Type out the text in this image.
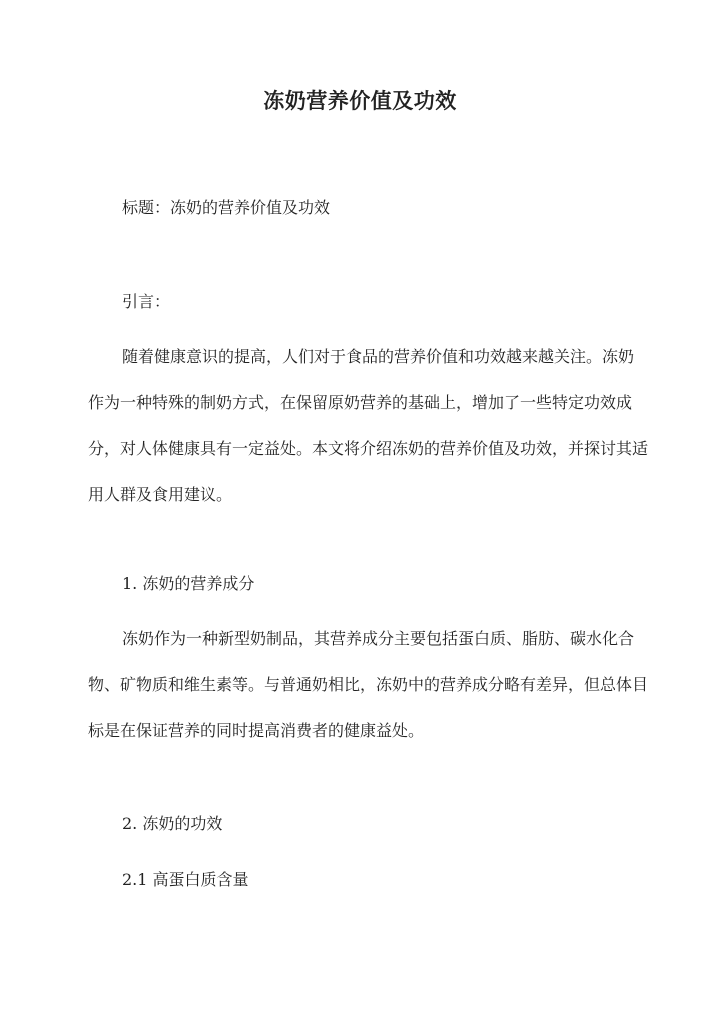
冻奶营养价值及功效
标题：冻奶的营养价值及功效
引言：

随着健康意识的提高，人们对于食品的营养价值和功效越来越关注。冻奶作为一种特殊的制奶方式，在保留原奶营养的基础上，增加了一些特定功效成分，对人体健康具有一定益处。本文将介绍冻奶的营养价值及功效，并探讨其适用人群及食用建议。

1. 冻奶的营养成分

冻奶作为一种新型奶制品，其营养成分主要包括蛋白质、脂肪、碳水化合物、矿物质和维生素等。与普通奶相比，冻奶中的营养成分略有差异，但总体目标是在保证营养的同时提高消费者的健康益处。

2. 冻奶的功效
2.1 高蛋白质含量
